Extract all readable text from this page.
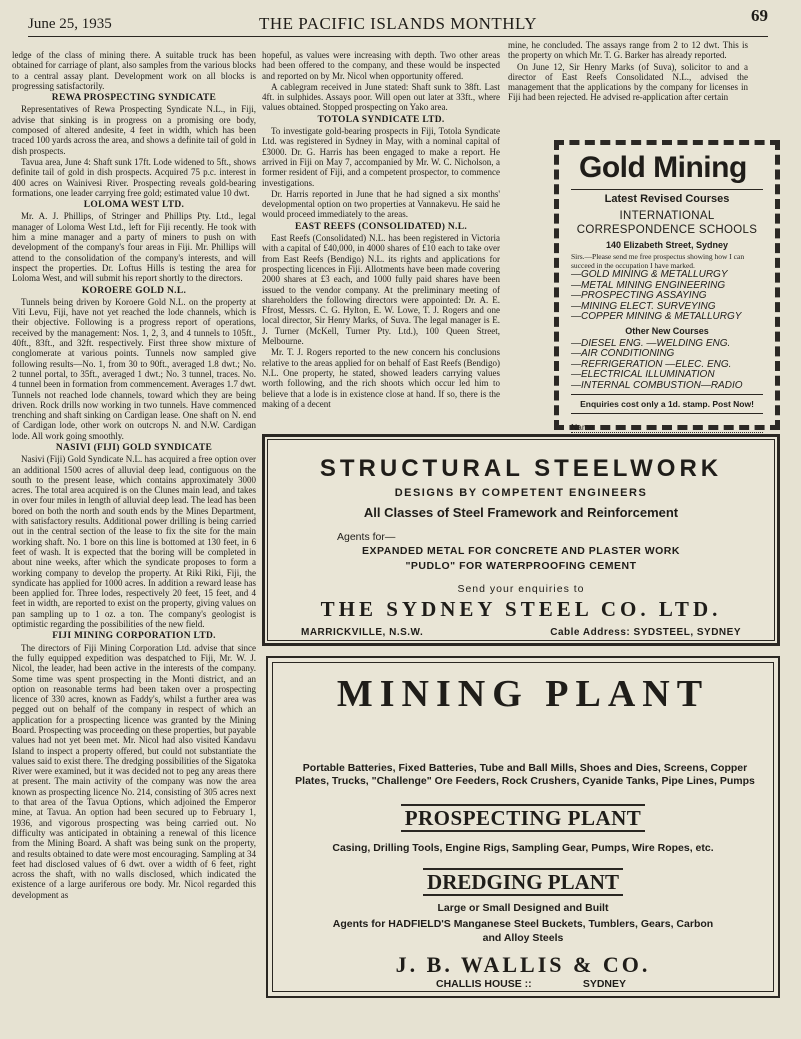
June 25, 1935	THE PACIFIC ISLANDS MONTHLY	69

ledge of the class of mining there. A suitable truck has been obtained for carriage of plant, also samples from the various blocks to a central assay plant. Development work on all blocks is progressing satisfactorily.

REWA PROSPECTING SYNDICATE

Representatives of Rewa Prospecting Syndicate N.L., in Fiji, advise that sinking is in progress on a promising ore body, composed of altered andesite, 4 feet in width, which has been traced 100 yards across the area, and shows a definite tail of gold in dish prospects.

Tavua area, June 4: Shaft sunk 17ft. Lode widened to 5ft., shows definite tail of gold in dish prospects. Acquired 75 p.c. interest in 400 acres on Wainivesi River. Prospecting reveals gold-bearing formations, one leader carrying free gold; estimated value 10 dwt.

LOLOMA WEST LTD.

Mr. A. J. Phillips, of Stringer and Phillips Pty. Ltd., legal manager of Loloma West Ltd., left for Fiji recently. He took with him a mine manager and a party of miners to push on with development of the company's four areas in Fiji. Mr. Phillips will attend to the consolidation of the company's interests, and will inspect the properties. Dr. Loftus Hills is testing the area for Loloma West, and will submit his report shortly to the directors.

KOROERE GOLD N.L.

Tunnels being driven by Koroere Gold N.L. on the property at Viti Levu, Fiji, have not yet reached the lode channels, which is their objective. Following is a progress report of operations, received by the management: Nos. 1, 2, 3, and 4 tunnels to 105ft., 40ft., 83ft., and 32ft. respectively. First three show mixture of conglomerate at various points. Tunnels now sampled give following results—No. 1, from 30 to 90ft., averaged 1.8 dwt.; No. 2 tunnel portal, to 35ft., averaged 1 dwt.; No. 3 tunnel, traces. No. 4 tunnel been in formation from commencement. Averages 1.7 dwt. Tunnels not reached lode channels, toward which they are being driven. Rock drills now working in two tunnels. Have commenced trenching and shaft sinking on Cardigan lease. One shaft on N. end of Cardigan lode, other work on outcrops N. and N.W. Cardigan lode. All work going smoothly.

NASIVI (FIJI) GOLD SYNDICATE

Nasivi (Fiji) Gold Syndicate N.L. has acquired a free option over an additional 1500 acres of alluvial deep lead, contiguous on the south to the present lease, which contains approximately 3000 acres. The total area acquired is on the Clunes main lead, and takes in over four miles in length of alluvial deep lead. The lead has been bored on both the north and south ends by the Mines Department, with satisfactory results. Additional power drilling is being carried out in the central section of the lease to fix the site for the main working shaft. No. 1 bore on this line is bottomed at 130 feet, in 6 feet of wash. It is expected that the boring will be completed in about nine weeks, after which the syndicate proposes to form a working company to develop the property. At Riki Riki, Fiji, the syndicate has applied for 1000 acres. In addition a reward lease has been applied for. Three lodes, respectively 20 feet, 15 feet, and 4 feet in width, are reported to exist on the property, giving values on pan sampling up to 1 oz. a ton. The company's geologist is optimistic regarding the possibilities of the new field.

FIJI MINING CORPORATION LTD.

The directors of Fiji Mining Corporation Ltd. advise that since the fully equipped expedition was despatched to Fiji, Mr. W. J. Nicol, the leader, had been active in the interests of the company. Some time was spent prospecting in the Monti district, and an option on reasonable terms had been taken over a prospecting licence of 330 acres, known as Faddy's, whilst a further area was pegged out on behalf of the company in respect of which an application for a prospecting licence was granted by the Mining Board. Prospecting was proceeding on these properties, but payable values had not yet been met. Mr. Nicol had also visited Kandavu Island to inspect a property offered, but could not substantiate the values said to exist there. The dredging possibilities of the Sigatoka River were examined, but it was decided not to peg any areas there at present. The main activity of the company was now the area known as prospecting licence No. 214, consisting of 305 acres next to that area of the Tavua Options, which adjoined the Emperor mine, at Tavua. An option had been secured up to February 1, 1936, and vigorous prospecting was being carried out. No difficulty was anticipated in obtaining a renewal of this licence from the Mining Board. A shaft was being sunk on the property, and results obtained to date were most encouraging. Sampling at 34 feet had disclosed values of 6 dwt. over a width of 6 feet, right across the shaft, with no walls disclosed, which indicated the existence of a large auriferous ore body. Mr. Nicol regarded this development as

hopeful, as values were increasing with depth. Two other areas had been offered to the company, and these would be inspected and reported on by Mr. Nicol when opportunity offered.

A cablegram received in June stated: Shaft sunk to 38ft. Last 4ft. in sulphides. Assays poor. Will open out later at 33ft., where values obtained. Stopped prospecting on Yako area.

TOTOLA SYNDICATE LTD.

To investigate gold-bearing prospects in Fiji, Totola Syndicate Ltd. was registered in Sydney in May, with a nominal capital of £3000. Dr. G. Harris has been engaged to make a report. He arrived in Fiji on May 7, accompanied by Mr. W. C. Nicholson, a former resident of Fiji, and a competent prospector, to commence investigations.

Dr. Harris reported in June that he had signed a six months' developmental option on two properties at Vannakevu. He said he would proceed immediately to the areas.

EAST REEFS (CONSOLIDATED) N.L.

East Reefs (Consolidated) N.L. has been registered in Victoria with a capital of £40,000, in 4000 shares of £10 each to take over from East Reefs (Bendigo) N.L. its rights and applications for prospecting licences in Fiji. Allotments have been made covering 2000 shares at £3 each, and 1000 fully paid shares have been issued to the vendor company. At the preliminary meeting of shareholders the following directors were appointed: Dr. A. E. Ffrost, Messrs. C. G. Hylton, E. W. Lowe, T. J. Rogers and one local director, Sir Henry Marks, of Suva. The legal manager is E. J. Turner (McKell, Turner Pty. Ltd.), 100 Queen Street, Melbourne.

Mr. T. J. Rogers reported to the new concern his conclusions relative to the areas applied for on behalf of East Reefs (Bendigo) N.L. One property, he stated, showed leaders carrying values worth following, and the rich shoots which occur led him to believe that a lode is in existence close at hand. If so, there is the making of a decent

mine, he concluded. The assays range from 2 to 12 dwt. This is the property on which Mr. T. G. Barker has already reported.

On June 12, Sir Henry Marks (of Suva), solicitor to and a director of East Reefs Consolidated N.L., advised the management that the applications by the company for licenses in Fiji had been rejected. He advised re-application after certain

Gold Mining
Latest Revised Courses
INTERNATIONAL
CORRESPONDENCE SCHOOLS
140 Elizabeth Street, Sydney
Sirs.—Please send me free prospectus showing how I can succeed in the occupation I have marked.
—GOLD MINING & METALLURGY
—METAL MINING ENGINEERING
—PROSPECTING ASSAYING
—MINING ELECT. SURVEYING
—COPPER MINING & METALLURGY
Other New Courses
—DIESEL ENG. —WELDING ENG.
—AIR CONDITIONING
—REFRIGERATION —ELEC. ENG.
—ELECTRICAL ILLUMINATION
—INTERNAL COMBUSTION—RADIO
Enquiries cost only a 1d. stamp. Post Now!
Name
STRUCTURAL STEELWORK
DESIGNS BY COMPETENT ENGINEERS
All Classes of Steel Framework and Reinforcement
Agents for—
EXPANDED METAL FOR CONCRETE AND PLASTER WORK
"PUDLO" FOR WATERPROOFING CEMENT
Send your enquiries to
THE SYDNEY STEEL CO. LTD.
MARRICKVILLE, N.S.W.	Cable Address: SYDSTEEL, SYDNEY
MINING PLANT
Portable Batteries, Fixed Batteries, Tube and Ball Mills, Shoes and Dies, Screens, Copper Plates, Trucks, "Challenge" Ore Feeders, Rock Crushers, Cyanide Tanks, Pipe Lines, Pumps
PROSPECTING PLANT
Casing, Drilling Tools, Engine Rigs, Sampling Gear, Pumps, Wire Ropes, etc.
DREDGING PLANT
Large or Small Designed and Built
Agents for HADFIELD'S Manganese Steel Buckets, Tumblers, Gears, Carbon
and Alloy Steels
J. B. WALLIS & CO.
CHALLIS HOUSE ::	SYDNEY
